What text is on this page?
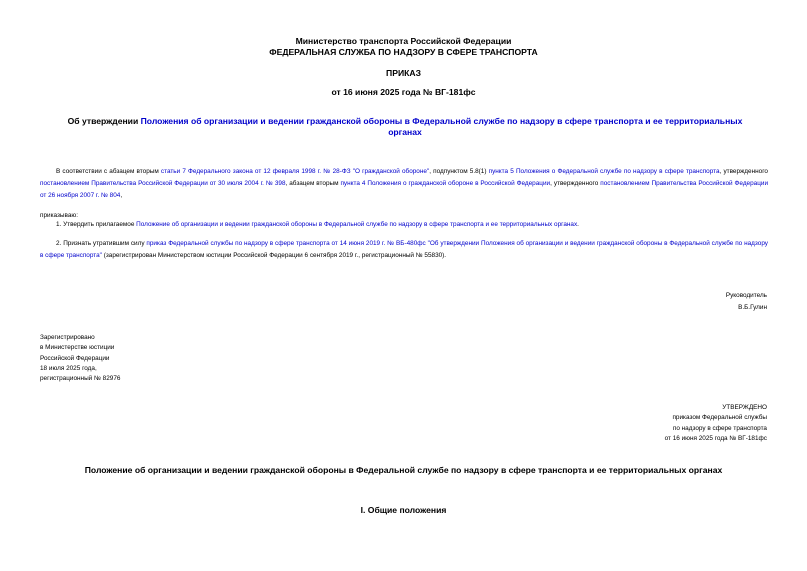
Министерство транспорта Российской Федерации
ФЕДЕРАЛЬНАЯ СЛУЖБА ПО НАДЗОРУ В СФЕРЕ ТРАНСПОРТА
ПРИКАЗ
от 16 июня 2025 года № ВГ-181фс
Об утверждении Положения об организации и ведении гражданской обороны в Федеральной службе по надзору в сфере транспорта и ее территориальных органах
В соответствии с абзацем вторым статьи 7 Федерального закона от 12 февраля 1998 г. № 28-ФЗ "О гражданской обороне", подпунктом 5.8(1) пункта 5 Положения о Федеральной службе по надзору в сфере транспорта, утвержденного постановлением Правительства Российской Федерации от 30 июля 2004 г. № 398, абзацем вторым пункта 4 Положения о гражданской обороне в Российской Федерации, утвержденного постановлением Правительства Российской Федерации от 26 ноября 2007 г. № 804,
приказываю:
1. Утвердить прилагаемое Положение об организации и ведении гражданской обороны в Федеральной службе по надзору в сфере транспорта и ее территориальных органах.
2. Признать утратившим силу приказ Федеральной службы по надзору в сфере транспорта от 14 июня 2019 г. № ВБ-480фс "Об утверждении Положения об организации и ведении гражданской обороны в Федеральной службе по надзору в сфере транспорта" (зарегистрирован Министерством юстиции Российской Федерации 6 сентября 2019 г., регистрационный № 55830).
Руководитель
В.Б.Гулин
Зарегистрировано
в Министерстве юстиции
Российской Федерации
18 июля 2025 года,
регистрационный № 82976
УТВЕРЖДЕНО
приказом Федеральной службы
по надзору в сфере транспорта
от 16 июня 2025 года № ВГ-181фс
Положение об организации и ведении гражданской обороны в Федеральной службе по надзору в сфере транспорта и ее территориальных органах
I. Общие положения
